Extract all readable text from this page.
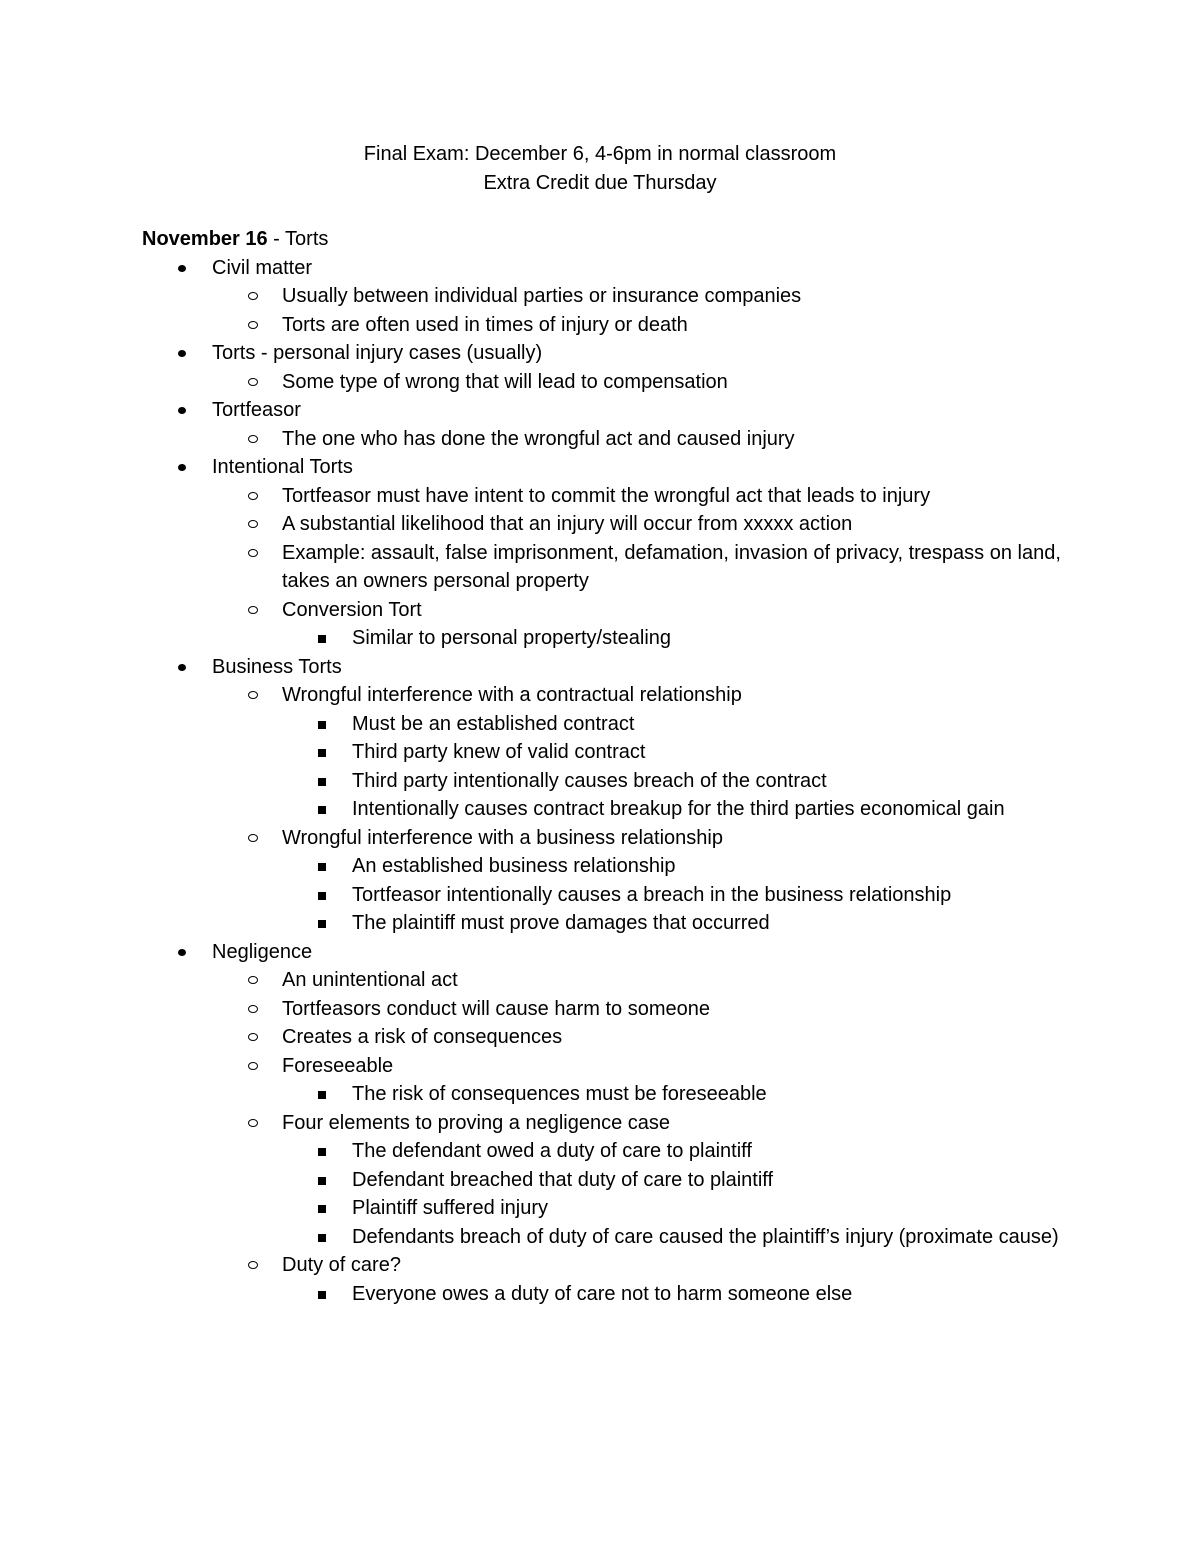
Final Exam: December 6, 4-6pm in normal classroom
Extra Credit due Thursday
November 16 - Torts
Civil matter
Usually between individual parties or insurance companies
Torts are often used in times of injury or death
Torts - personal injury cases (usually)
Some type of wrong that will lead to compensation
Tortfeasor
The one who has done the wrongful act and caused injury
Intentional Torts
Tortfeasor must have intent to commit the wrongful act that leads to injury
A substantial likelihood that an injury will occur from xxxxx action
Example: assault, false imprisonment, defamation, invasion of privacy, trespass on land, takes an owners personal property
Conversion Tort
Similar to personal property/stealing
Business Torts
Wrongful interference with a contractual relationship
Must be an established contract
Third party knew of valid contract
Third party intentionally causes breach of the contract
Intentionally causes contract breakup for the third parties economical gain
Wrongful interference with a business relationship
An established business relationship
Tortfeasor intentionally causes a breach in the business relationship
The plaintiff must prove damages that occurred
Negligence
An unintentional act
Tortfeasors conduct will cause harm to someone
Creates a risk of consequences
Foreseeable
The risk of consequences must be foreseeable
Four elements to proving a negligence case
The defendant owed a duty of care to plaintiff
Defendant breached that duty of care to plaintiff
Plaintiff suffered injury
Defendants breach of duty of care caused the plaintiff’s injury (proximate cause)
Duty of care?
Everyone owes a duty of care not to harm someone else
